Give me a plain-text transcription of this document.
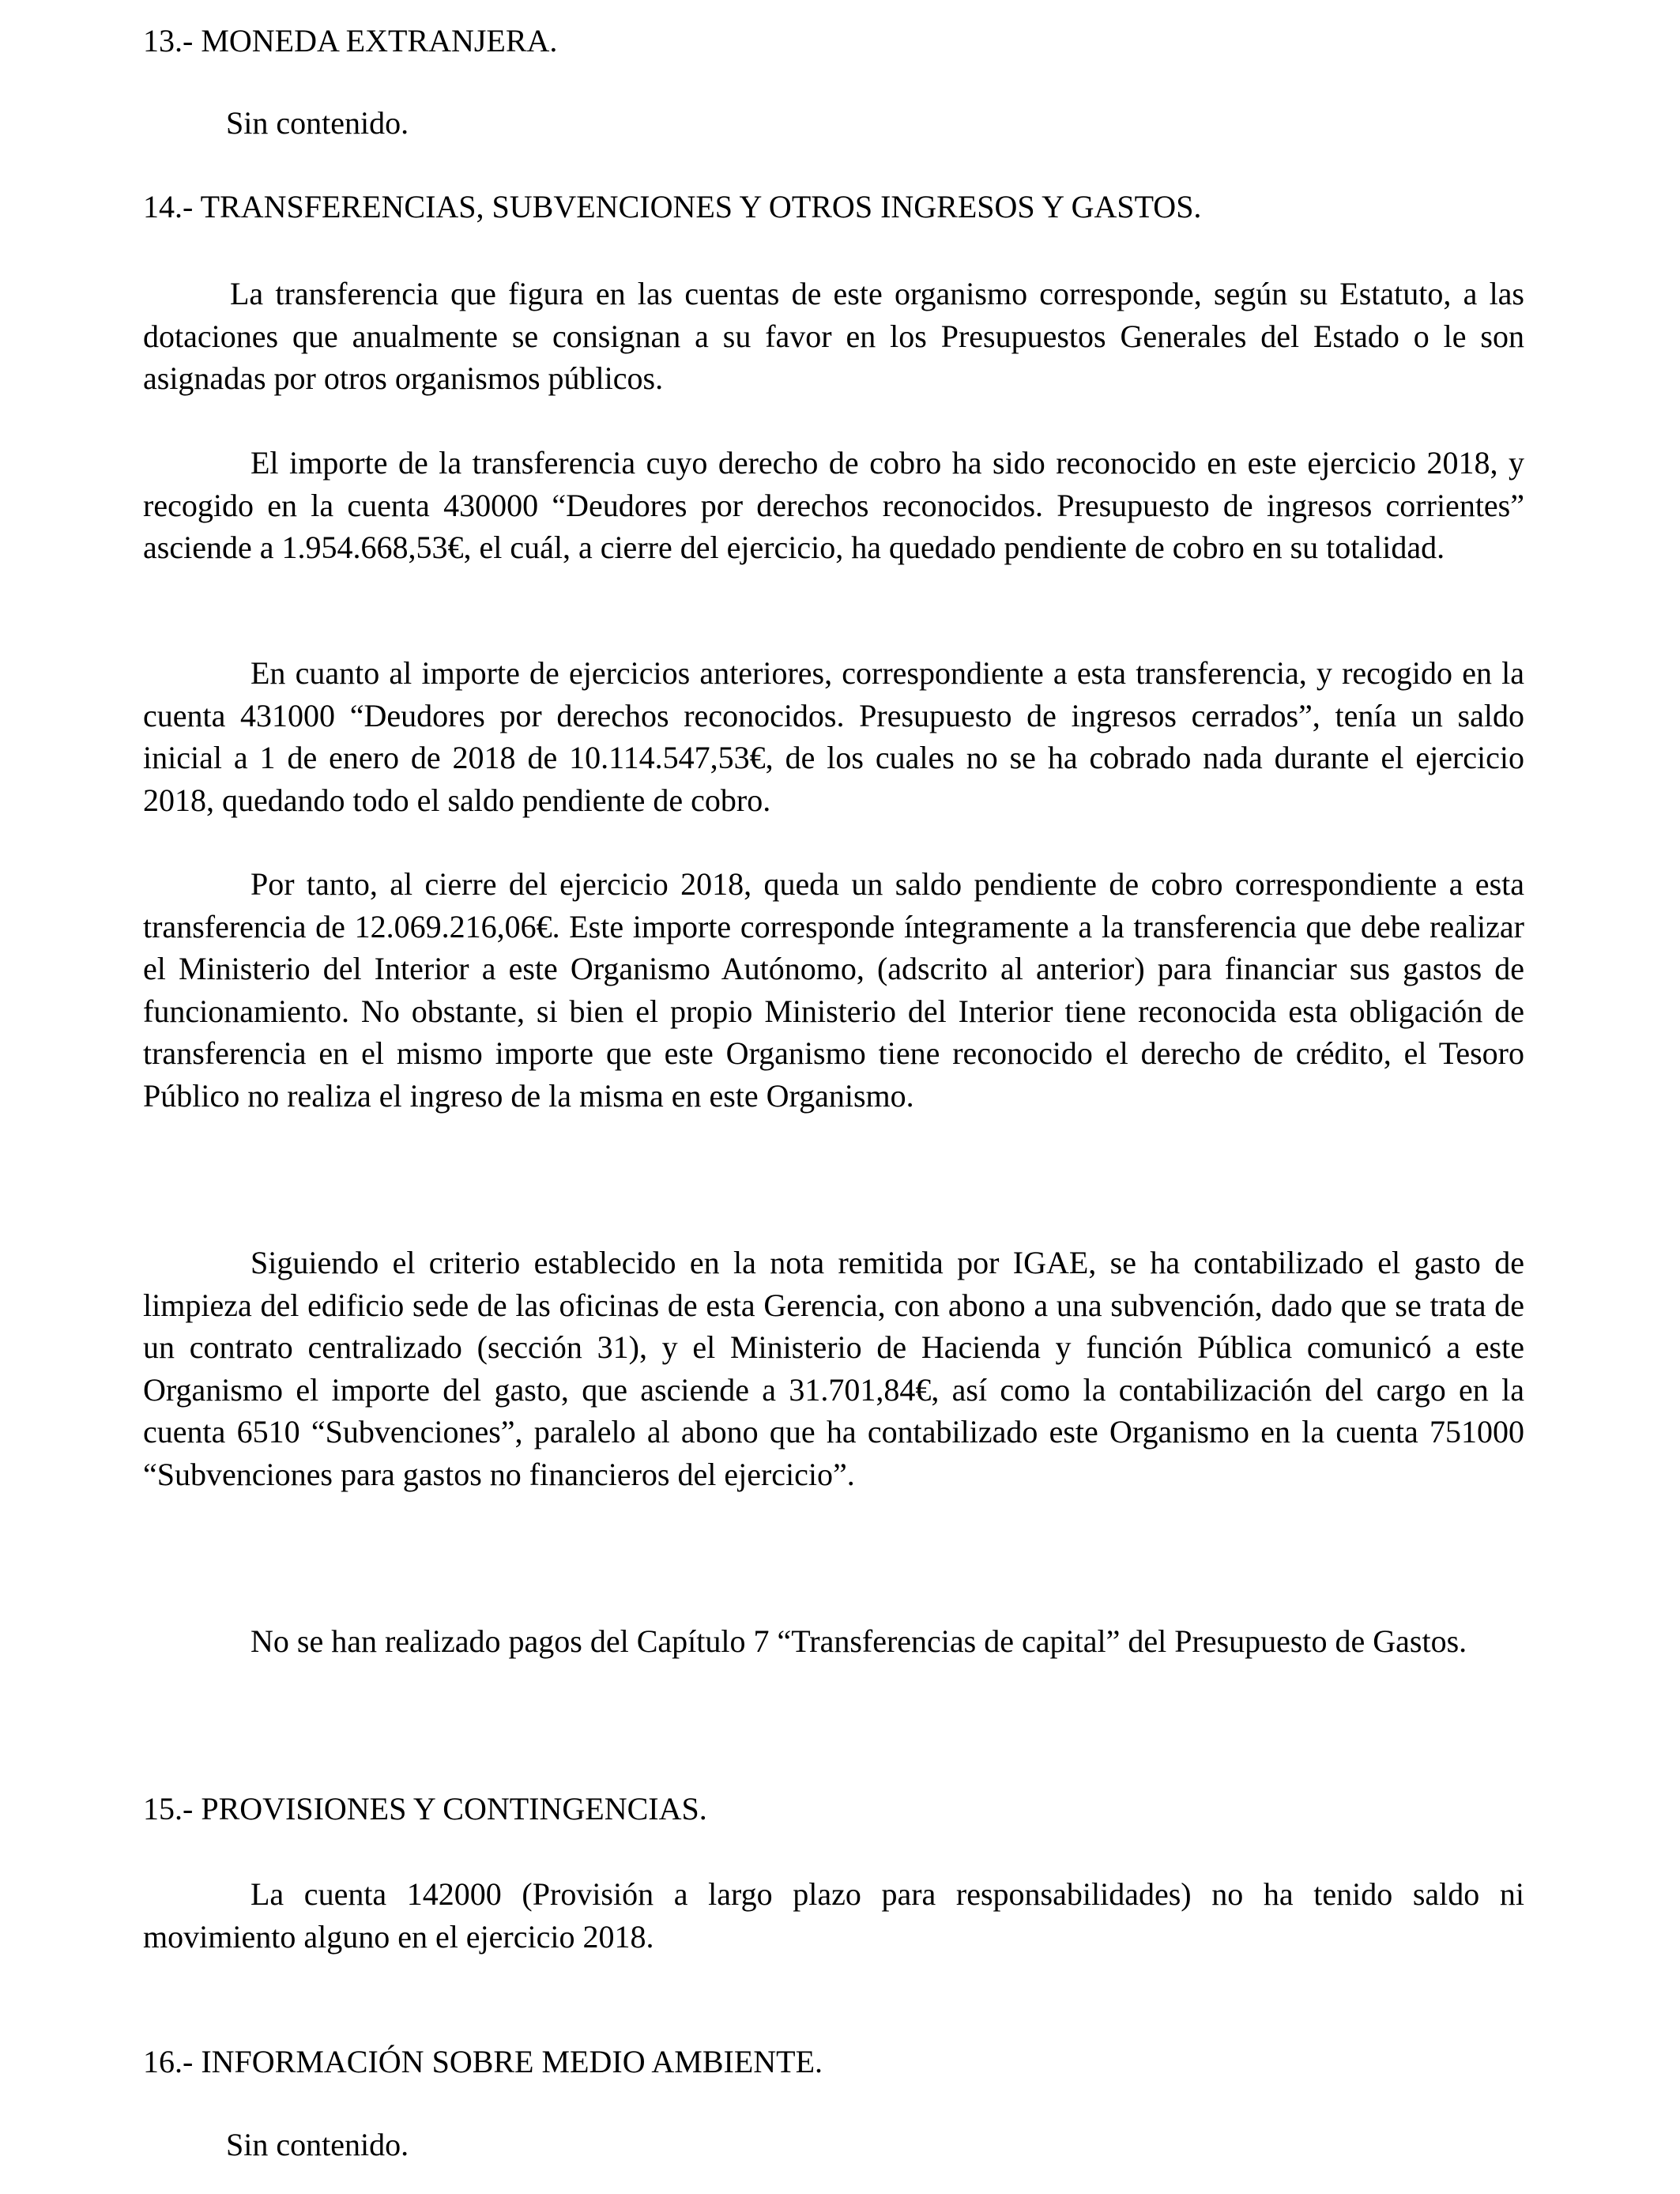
13.- MONEDA EXTRANJERA.

Sin contenido.

14.- TRANSFERENCIAS, SUBVENCIONES Y OTROS INGRESOS Y GASTOS.

La transferencia que figura en las cuentas de este organismo corresponde, según su Estatuto, a las dotaciones que anualmente se consignan a su favor en los Presupuestos Generales del Estado o le son asignadas por otros organismos públicos.

El importe de la transferencia cuyo derecho de cobro ha sido reconocido en este ejercicio 2018, y recogido en la cuenta 430000 “Deudores por derechos reconocidos. Presupuesto de ingresos corrientes” asciende a 1.954.668,53€, el cuál, a cierre del ejercicio, ha quedado pendiente de cobro en su totalidad.

En cuanto al importe de ejercicios anteriores, correspondiente a esta transferencia, y recogido en la cuenta 431000 “Deudores por derechos reconocidos. Presupuesto de ingresos cerrados”, tenía un saldo inicial a 1 de enero de 2018 de 10.114.547,53€, de los cuales no se ha cobrado nada durante el ejercicio 2018, quedando todo el saldo pendiente de cobro.

Por tanto, al cierre del ejercicio 2018, queda un saldo pendiente de cobro correspondiente a esta transferencia de 12.069.216,06€. Este importe corresponde íntegramente a la transferencia que debe realizar el Ministerio del Interior a este Organismo Autónomo, (adscrito al anterior) para financiar sus gastos de funcionamiento. No obstante, si bien el propio Ministerio del Interior tiene reconocida esta obligación de transferencia en el mismo importe que este Organismo tiene reconocido el derecho de crédito, el Tesoro Público no realiza el ingreso de la misma en este Organismo.

Siguiendo el criterio establecido en la nota remitida por IGAE, se ha contabilizado el gasto de limpieza del edificio sede de las oficinas de esta Gerencia, con abono a una subvención, dado que se trata de un contrato centralizado (sección 31), y el Ministerio de Hacienda y función Pública comunicó a este Organismo el importe del gasto, que asciende a 31.701,84€, así como la contabilización del cargo en la cuenta 6510 “Subvenciones”, paralelo al abono que ha contabilizado este Organismo en la cuenta 751000 “Subvenciones para gastos no financieros del ejercicio”.

No se han realizado pagos del Capítulo 7 “Transferencias de capital” del Presupuesto de Gastos.

15.- PROVISIONES Y CONTINGENCIAS.

La cuenta 142000 (Provisión a largo plazo para responsabilidades) no ha tenido saldo ni movimiento alguno en el ejercicio 2018.

16.- INFORMACIÓN SOBRE MEDIO AMBIENTE.

Sin contenido.
